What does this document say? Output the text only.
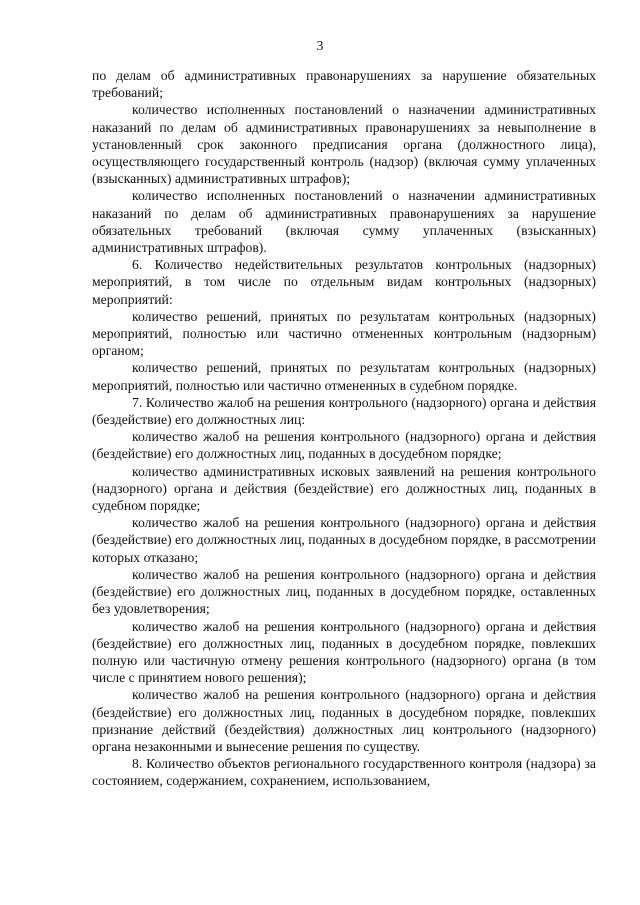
3

по делам об административных правонарушениях за нарушение обязательных требований;

количество исполненных постановлений о назначении административных наказаний по делам об административных правонарушениях за невыполнение в установленный срок законного предписания органа (должностного лица), осуществляющего государственный контроль (надзор) (включая сумму уплаченных (взысканных) административных штрафов);

количество исполненных постановлений о назначении административных наказаний по делам об административных правонарушениях за нарушение обязательных требований (включая сумму уплаченных (взысканных) административных штрафов).

6. Количество недействительных результатов контрольных (надзорных) мероприятий, в том числе по отдельным видам контрольных (надзорных) мероприятий:

количество решений, принятых по результатам контрольных (надзорных) мероприятий, полностью или частично отмененных контрольным (надзорным) органом;

количество решений, принятых по результатам контрольных (надзорных) мероприятий, полностью или частично отмененных в судебном порядке.

7. Количество жалоб на решения контрольного (надзорного) органа и действия (бездействие) его должностных лиц:

количество жалоб на решения контрольного (надзорного) органа и действия (бездействие) его должностных лиц, поданных в досудебном порядке;

количество административных исковых заявлений на решения контрольного (надзорного) органа и действия (бездействие) его должностных лиц, поданных в судебном порядке;

количество жалоб на решения контрольного (надзорного) органа и действия (бездействие) его должностных лиц, поданных в досудебном порядке, в рассмотрении которых отказано;

количество жалоб на решения контрольного (надзорного) органа и действия (бездействие) его должностных лиц, поданных в досудебном порядке, оставленных без удовлетворения;

количество жалоб на решения контрольного (надзорного) органа и действия (бездействие) его должностных лиц, поданных в досудебном порядке, повлекших полную или частичную отмену решения контрольного (надзорного) органа (в том числе с принятием нового решения);

количество жалоб на решения контрольного (надзорного) органа и действия (бездействие) его должностных лиц, поданных в досудебном порядке, повлекших признание действий (бездействия) должностных лиц контрольного (надзорного) органа незаконными и вынесение решения по существу.

8. Количество объектов регионального государственного контроля (надзора) за состоянием, содержанием, сохранением, использованием,
